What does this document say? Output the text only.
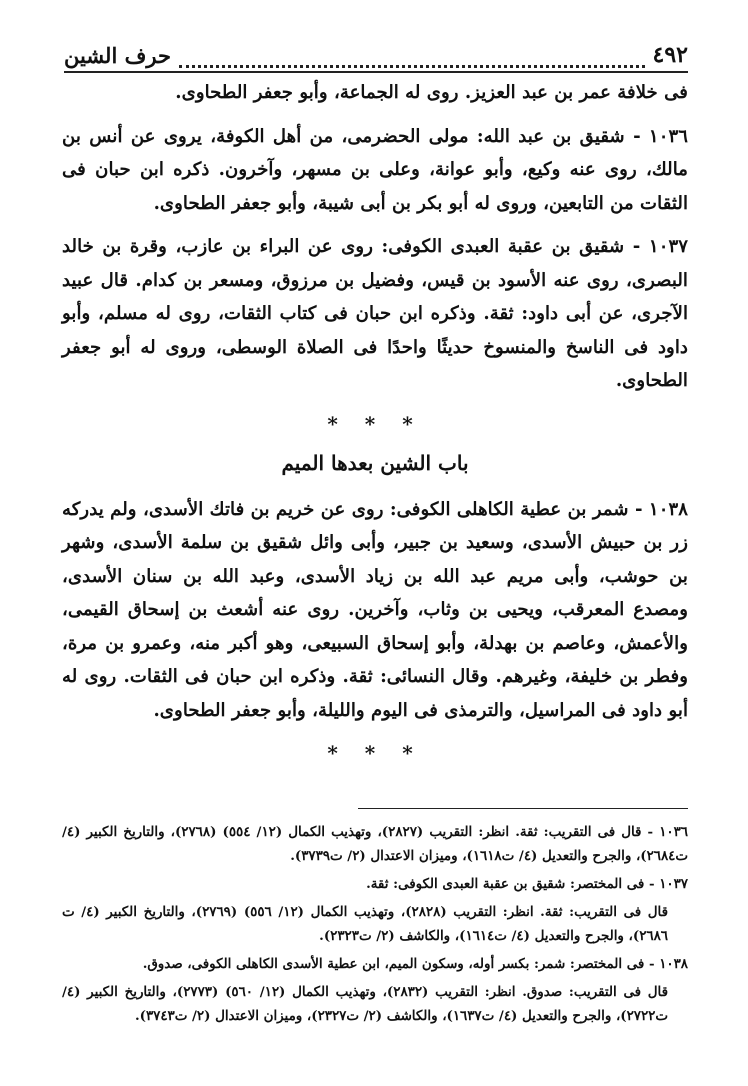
٤٩٢
حرف الشين

فى خلافة عمر بن عبد العزيز. روى له الجماعة، وأبو جعفر الطحاوى.

١٠٣٦ - شقيق بن عبد الله: مولى الحضرمى، من أهل الكوفة، يروى عن أنس بن مالك، روى عنه وكيع، وأبو عوانة، وعلى بن مسهر، وآخرون. ذكره ابن حبان فى الثقات من التابعين، وروى له أبو بكر بن أبى شيبة، وأبو جعفر الطحاوى.

١٠٣٧ - شقيق بن عقبة العبدى الكوفى: روى عن البراء بن عازب، وقرة بن خالد البصرى، روى عنه الأسود بن قيس، وفضيل بن مرزوق، ومسعر بن كدام. قال عبيد الآجرى، عن أبى داود: ثقة. وذكره ابن حبان فى كتاب الثقات، روى له مسلم، وأبو داود فى الناسخ والمنسوخ حديثًا واحدًا فى الصلاة الوسطى، وروى له أبو جعفر الطحاوى.

* * *
باب الشين بعدها الميم

١٠٣٨ - شمر بن عطية الكاهلى الكوفى: روى عن خريم بن فاتك الأسدى، ولم يدركه زر بن حبيش الأسدى، وسعيد بن جبير، وأبى وائل شقيق بن سلمة الأسدى، وشهر بن حوشب، وأبى مريم عبد الله بن زياد الأسدى، وعبد الله بن سنان الأسدى، ومصدع المعرقب، ويحيى بن وثاب، وآخرين. روى عنه أشعث بن إسحاق القيمى، والأعمش، وعاصم بن بهدلة، وأبو إسحاق السبيعى، وهو أكبر منه، وعمرو بن مرة، وفطر بن خليفة، وغيرهم. وقال النسائى: ثقة. وذكره ابن حبان فى الثقات. روى له أبو داود فى المراسيل، والترمذى فى اليوم والليلة، وأبو جعفر الطحاوى.

* * *

١٠٣٦ - قال فى التقريب: ثقة. انظر: التقريب (٢٨٢٧)، وتهذيب الكمال (١٢/ ٥٥٤) (٢٧٦٨)، والتاريخ الكبير (٤/ ت٢٦٨٤)، والجرح والتعديل (٤/ ت١٦١٨)، وميزان الاعتدال (٢/ ت٣٧٣٩).

١٠٣٧ - فى المختصر: شقيق بن عقبة العبدى الكوفى: ثقة.

قال فى التقريب: ثقة. انظر: التقريب (٢٨٢٨)، وتهذيب الكمال (١٢/ ٥٥٦) (٢٧٦٩)، والتاريخ الكبير (٤/ ت ٢٦٨٦)، والجرح والتعديل (٤/ ت١٦١٤)، والكاشف (٢/ ت٢٣٢٣).

١٠٣٨ - فى المختصر: شمر: بكسر أوله، وسكون الميم، ابن عطية الأسدى الكاهلى الكوفى، صدوق.

قال فى التقريب: صدوق. انظر: التقريب (٢٨٣٢)، وتهذيب الكمال (١٢/ ٥٦٠) (٢٧٧٣)، والتاريخ الكبير (٤/ ت٢٧٢٢)، والجرح والتعديل (٤/ ت١٦٣٧)، والكاشف (٢/ ت٢٣٢٧)، وميزان الاعتدال (٢/ ت٣٧٤٣).
